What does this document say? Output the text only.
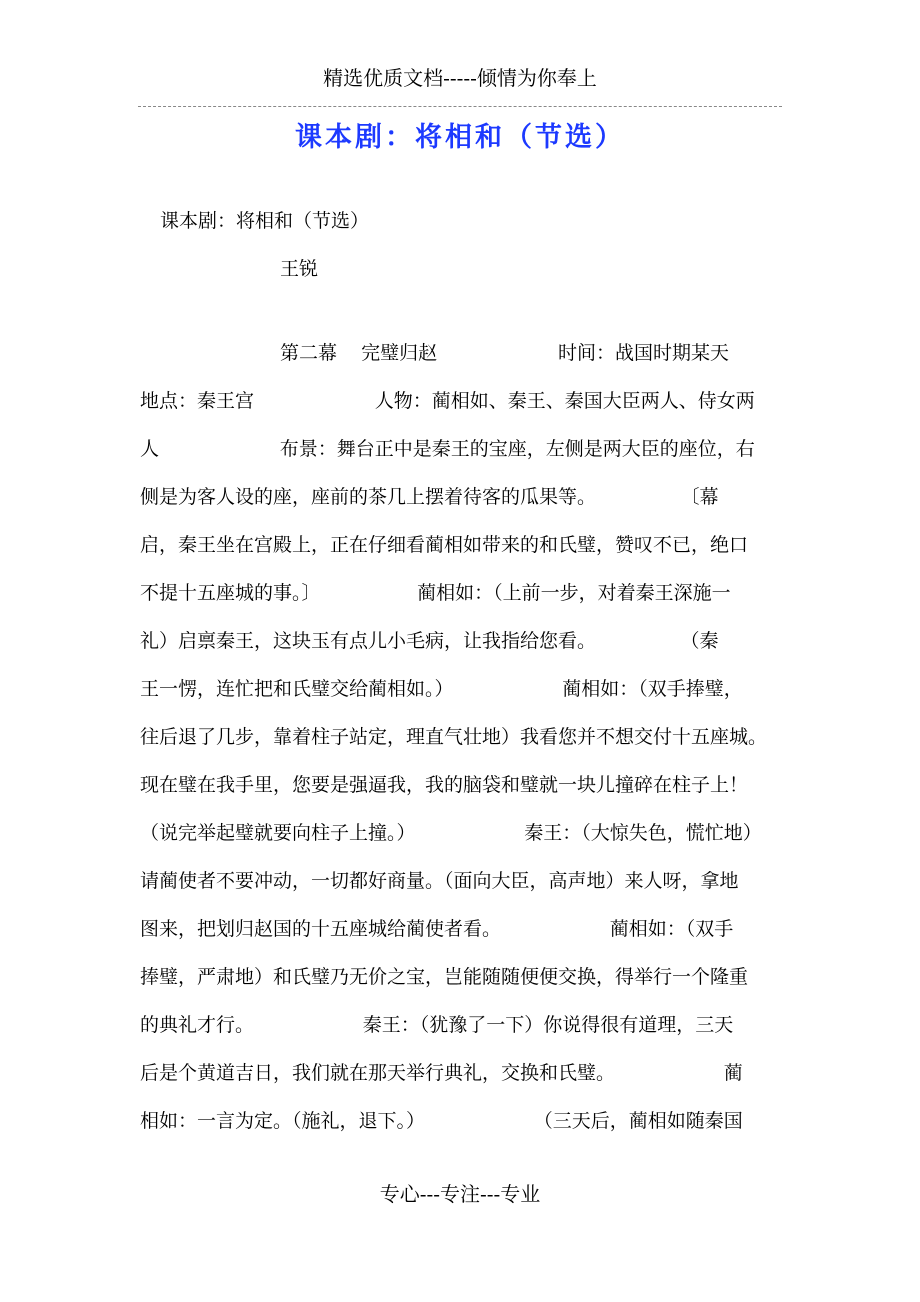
精选优质文档-----倾情为你奉上
课本剧：将相和（节选）
课本剧：将相和（节选）
王锐
第二幕    完璧归赵                    时间：战国时期某天
地点：秦王宫                    人物：蔺相如、秦王、秦国大臣两人、侍女两
人                    布景：舞台正中是秦王的宝座，左侧是两大臣的座位，右
侧是为客人设的座，座前的茶几上摆着待客的瓜果等。              〔幕
启，秦王坐在宫殿上，正在仔细看蔺相如带来的和氏璧，赞叹不已，绝口
不提十五座城的事。〕                蔺相如：（上前一步，对着秦王深施一
礼）启禀秦王，这块玉有点儿小毛病，让我指给您看。              （秦
王一愣，连忙把和氏璧交给蔺相如。）                  蔺相如：（双手捧璧，
往后退了几步，靠着柱子站定，理直气壮地）我看您并不想交付十五座城。
现在璧在我手里，您要是强逼我，我的脑袋和璧就一块儿撞碎在柱子上！
（说完举起璧就要向柱子上撞。）                  秦王：（大惊失色，慌忙地）
请蔺使者不要冲动，一切都好商量。（面向大臣，高声地）来人呀，拿地
图来，把划归赵国的十五座城给蔺使者看。                  蔺相如：（双手
捧璧，严肃地）和氏璧乃无价之宝，岂能随随便便交换，得举行一个隆重
的典礼才行。                  秦王：（犹豫了一下）你说得很有道理，三天
后是个黄道吉日，我们就在那天举行典礼，交换和氏璧。                  蔺
相如：一言为定。（施礼，退下。）                  （三天后，蔺相如随秦国
专心---专注---专业
